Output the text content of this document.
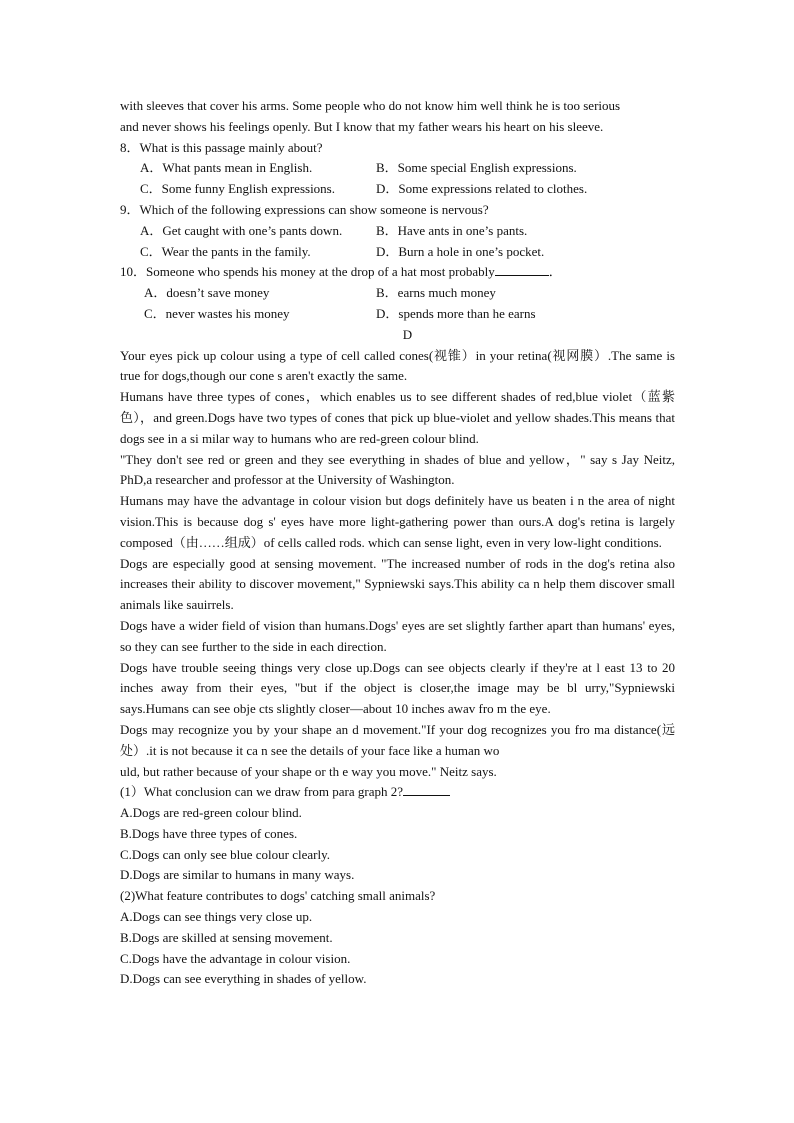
with sleeves that cover his arms. Some people who do not know him well think he is too serious

and never shows his feelings openly. But I know that my father wears his heart on his sleeve.

8．What is this passage mainly about?

A．What pants mean in English.	B．Some special English expressions.
C．Some funny English expressions.	D．Some expressions related to clothes.

9．Which of the following expressions can show someone is nervous?

A．Get caught with one’s pants down.	B．Have ants in one’s pants.
C．Wear the pants in the family.	D．Burn a hole in one’s pocket.

10．Someone who spends his money at the drop of a hat most probably	．

A．doesn’t save money	B．earns much money
C．never wastes his money	D．spends more than he earns

D

Your eyes pick up colour using a type of cell called cones(视锥）in your retina(视网膜）.The same is true for dogs,though our cone s aren't exactly the same.

Humans have three types of cones，which enables us to see different shades of red,blue violet（蓝紫色），and green.Dogs have two types of cones that pick up blue-violet and yellow shades.This means that dogs see in a si milar way to humans who are red-green colour blind.

"They don't see red or green and they see everything in shades of blue and yellow，" say s Jay Neitz, PhD,a researcher and professor at the University of Washington.

Humans may have the advantage in colour vision but dogs definitely have us beaten i n the area of night vision.This is because dog s' eyes have more light-gathering power than ours.A dog's retina is largely composed（由……组成）of cells called rods. which can sense light, even in very low-light conditions.

Dogs are especially good at sensing movement. "The increased number of rods in the dog's retina also increases their ability to discover movement," Sypniewski says.This ability ca n help them discover small animals like sauirrels.

Dogs have a wider field of vision than humans.Dogs' eyes are set slightly farther apart than humans' eyes, so they can see further to the side in each direction.

Dogs have trouble seeing things very close up.Dogs can see objects clearly if they're at l east 13 to 20 inches away from their eyes, "but if the object is closer,the image may be bl urry,"Sypniewski says.Humans can see obje cts slightly closer—about 10 inches awav fro m the eye.

Dogs may recognize you by your shape an d movement."If your dog recognizes you fro ma distance(远处）.it is not because it ca n see the details of your face like a human wo

uld, but rather because of your shape or th e way you move." Neitz says.

(1）What conclusion can we draw from para graph 2?

A.Dogs are red-green colour blind.

B.Dogs have three types of cones.

C.Dogs can only see blue colour clearly.

D.Dogs are similar to humans in many ways.

(2)What feature contributes to dogs' catching small animals?

A.Dogs can see things very close up.

B.Dogs are skilled at sensing movement.

C.Dogs have the advantage in colour vision.

D.Dogs can see everything in shades of yellow.
